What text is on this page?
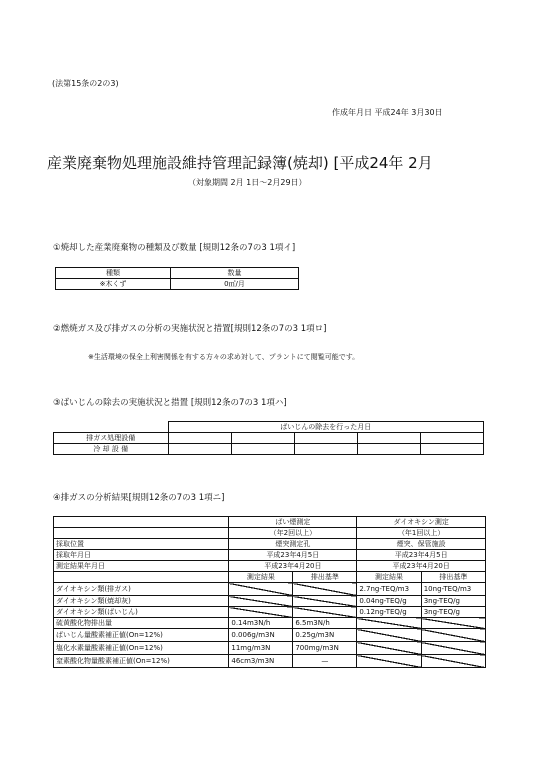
(法第15条の2の3)
作成年月日 平成24年 3月30日
産業廃棄物処理施設維持管理記録簿(焼却) [平成24年 2月
（対象期間 2月 1日～2月29日）
①焼却した産業廃棄物の種類及び数量 [規則12条の7の3 1項イ]
種類	数量
※木くず	0㎥/月
②燃焼ガス及び排ガスの分析の実施状況と措置[規則12条の7の3 1項ロ]
※生活環境の保全上利害関係を有する方々の求め対して、プラントにて閲覧可能です。
③ばいじんの除去の実施状況と措置 [規則12条の7の3 1項ハ]
	ばいじんの除去を行った月日				
排ガス処理設備					
冷 却 設 備					
④排ガスの分析結果[規則12条の7の3 1項ニ]
	ばい煙測定		ダイオキシン測定	
	（年2回以上）		（年1回以上）	
採取位置	煙突測定孔		煙突、保管施設	
採取年月日	平成23年4月5日		平成23年4月5日	
測定結果年月日	平成23年4月20日		平成23年4月20日	
	測定結果	排出基準	測定結果	排出基準
ダイオキシン類(排ガス)			2.7ng-TEQ/m3	10ng-TEQ/m3
ダイオキシン類(焼却灰)			0.04ng-TEQ/g	3ng-TEQ/g
ダイオキシン類(ばいじん)			0.12ng-TEQ/g	3ng-TEQ/g
硫黄酸化物排出量	0.14m3N/h	6.5m3N/h		
ばいじん量酸素補正値(On=12%)	0.006g/m3N	0.25g/m3N		
塩化水素量酸素補正値(On=12%)	11mg/m3N	700mg/m3N		
窒素酸化物量酸素補正値(On=12%)	46cm3/m3N	—		
